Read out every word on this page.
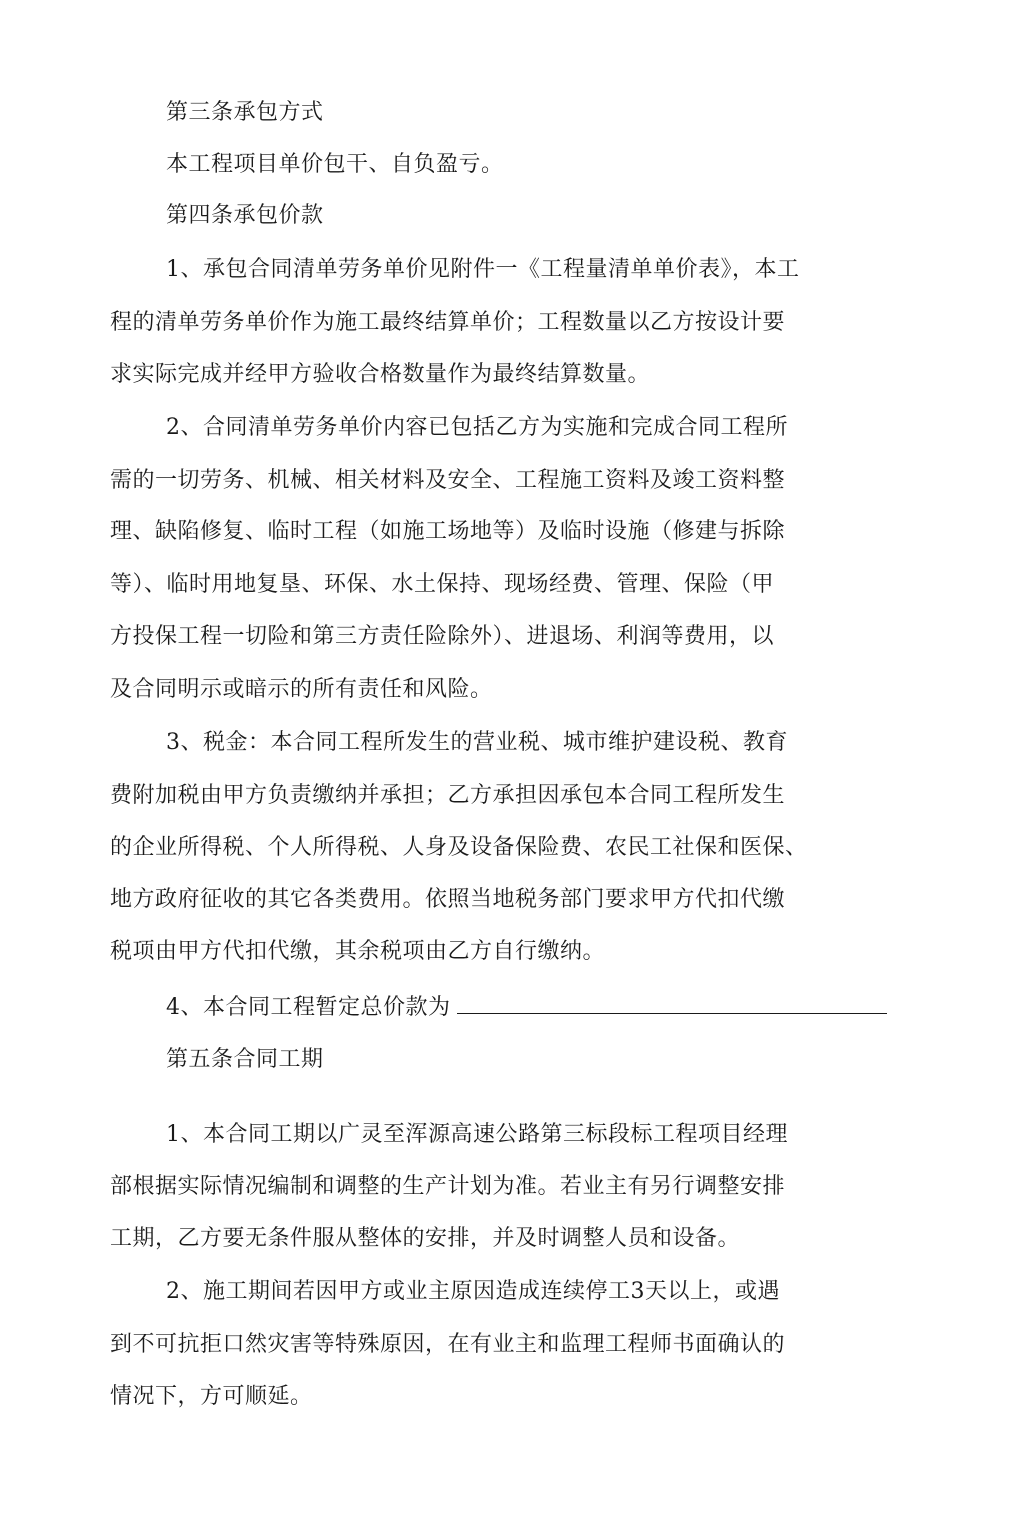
第三条承包方式
本工程项目单价包干、自负盈亏。
第四条承包价款
1、承包合同清单劳务单价见附件一《工程量清单单价表》，本工
程的清单劳务单价作为施工最终结算单价；工程数量以乙方按设计要
求实际完成并经甲方验收合格数量作为最终结算数量。
2、合同清单劳务单价内容已包括乙方为实施和完成合同工程所
需的一切劳务、机械、相关材料及安全、工程施工资料及竣工资料整
理、缺陷修复、临时工程（如施工场地等）及临时设施（修建与拆除
等）、临时用地复垦、环保、水土保持、现场经费、管理、保险（甲
方投保工程一切险和第三方责任险除外）、进退场、利润等费用，以
及合同明示或暗示的所有责任和风险。
3、税金：本合同工程所发生的营业税、城市维护建设税、教育
费附加税由甲方负责缴纳并承担；乙方承担因承包本合同工程所发生
的企业所得税、个人所得税、人身及设备保险费、农民工社保和医保、
地方政府征收的其它各类费用。依照当地税务部门要求甲方代扣代缴
税项由甲方代扣代缴，其余税项由乙方自行缴纳。
4、本合同工程暂定总价款为
第五条合同工期
1、本合同工期以广灵至浑源高速公路第三标段标工程项目经理
部根据实际情况编制和调整的生产计划为准。若业主有另行调整安排
工期，乙方要无条件服从整体的安排，并及时调整人员和设备。
2、施工期间若因甲方或业主原因造成连续停工3天以上，或遇
到不可抗拒口然灾害等特殊原因，在有业主和监理工程师书面确认的
情况下，方可顺延。
